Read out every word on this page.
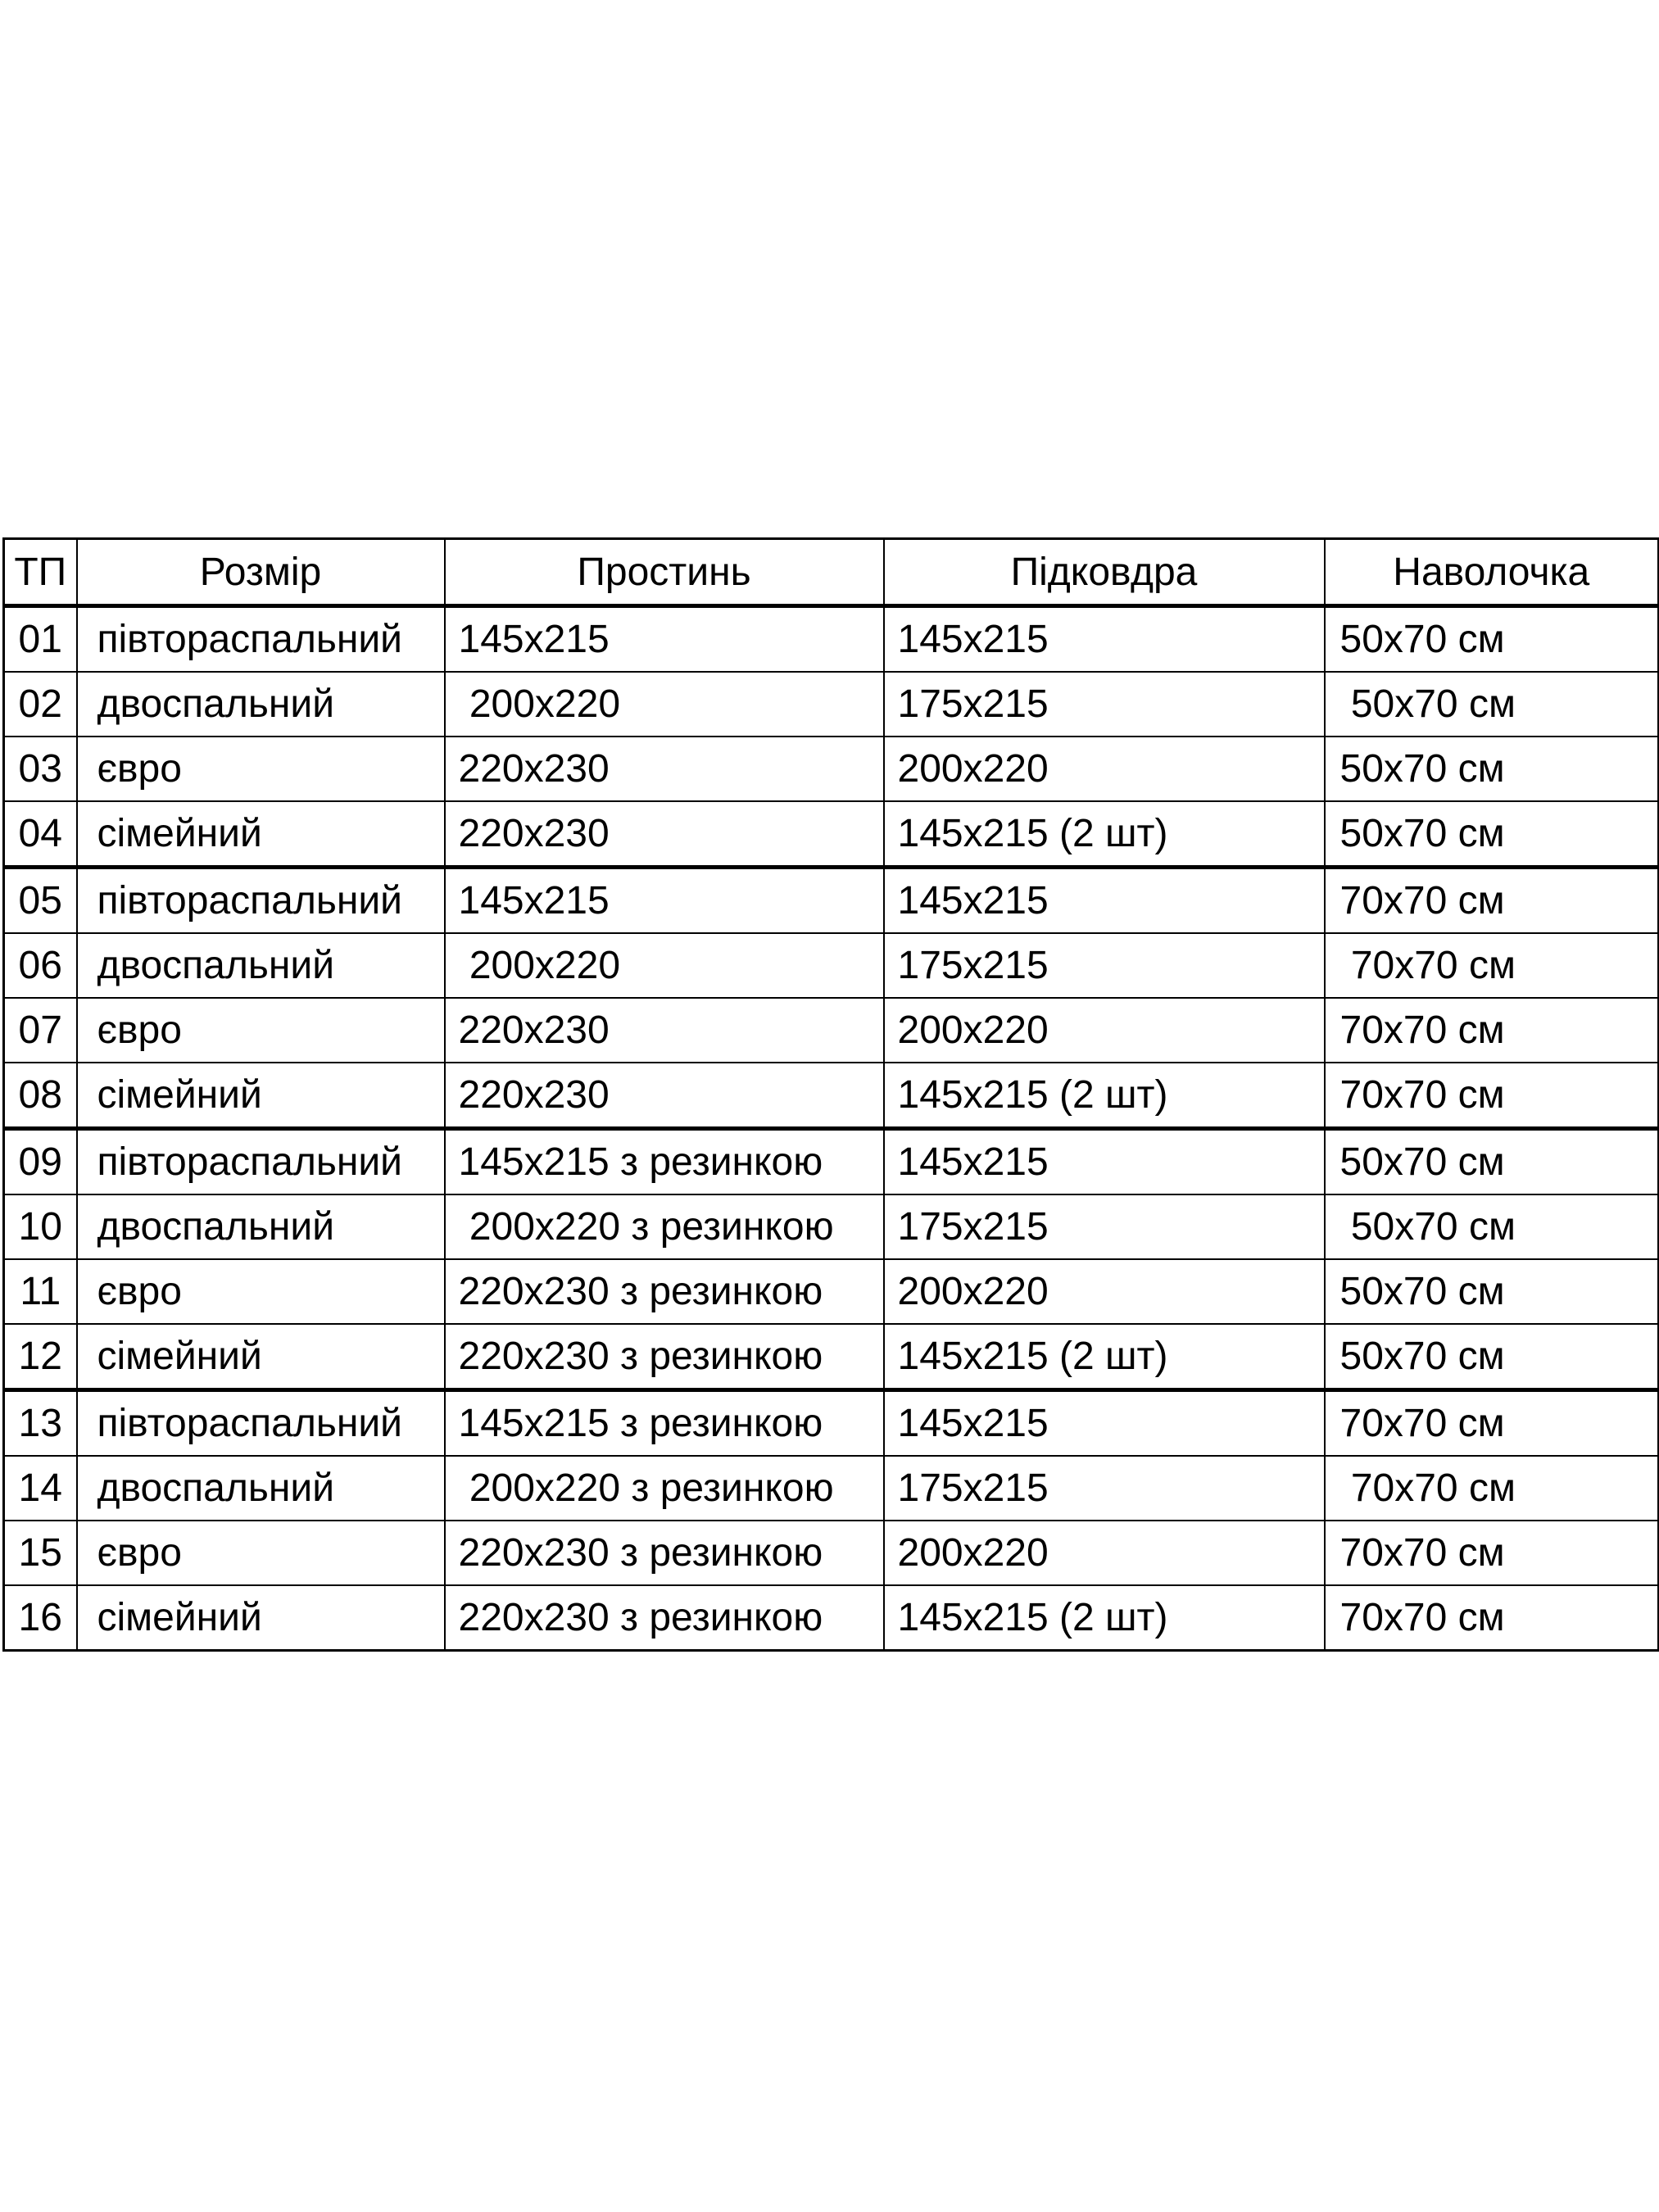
ТП	Розмір	Простинь	Підковдра	Наволочка
01	півтораспальний	145х215	145х215	50х70 см
02	двоспальний	200х220	175х215	50х70 см
03	євро	220х230	200х220	50х70 см
04	сімейний	220х230	145х215 (2 шт)	50х70 см
05	півтораспальний	145х215	145х215	70х70 см
06	двоспальний	200х220	175х215	70х70 см
07	євро	220х230	200х220	70х70 см
08	сімейний	220х230	145х215 (2 шт)	70х70 см
09	півтораспальний	145х215 з резинкою	145х215	50х70 см
10	двоспальний	200х220 з резинкою	175х215	50х70 см
11	євро	220х230 з резинкою	200х220	50х70 см
12	сімейний	220х230 з резинкою	145х215 (2 шт)	50х70 см
13	півтораспальний	145х215 з резинкою	145х215	70х70 см
14	двоспальний	200х220 з резинкою	175х215	70х70 см
15	євро	220х230 з резинкою	200х220	70х70 см
16	сімейний	220х230 з резинкою	145х215 (2 шт)	70х70 см
